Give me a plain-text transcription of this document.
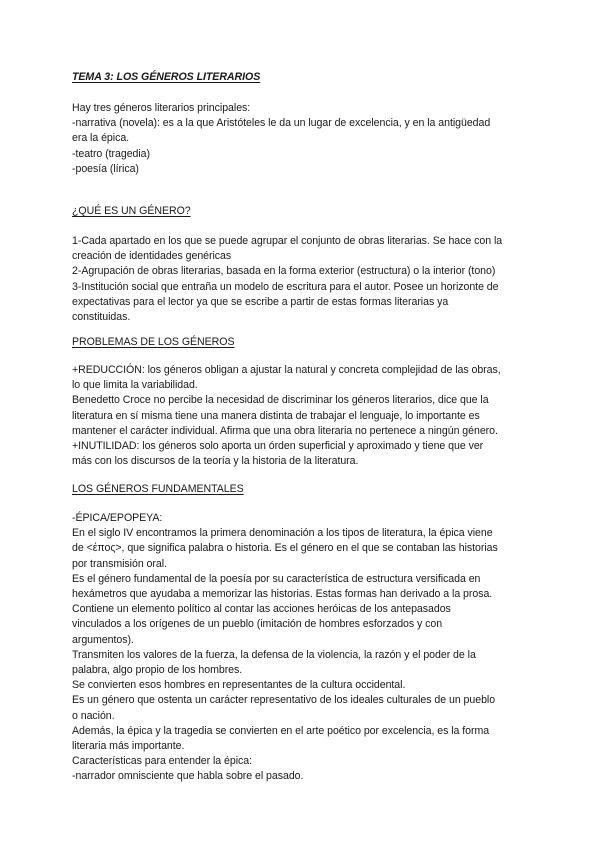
TEMA 3: LOS GÉNEROS LITERARIOS
Hay tres géneros literarios principales:
-narrativa (novela): es a la que Aristóteles le da un lugar de excelencia, y en la antigüedad
era la épica.
-teatro (tragedia)
-poesía (lírica)
¿QUÉ ES UN GÉNERO?
1-Cada apartado en los que se puede agrupar el conjunto de obras literarias. Se hace con la
creación de identidades genéricas
2-Agrupación de obras literarias, basada en la forma exterior (estructura) o la interior (tono)
3-Institución social que entraña un modelo de escritura para el autor. Posee un horizonte de
expectativas para el lector ya que se escribe a partir de estas formas literarias ya
constituidas.
PROBLEMAS DE LOS GÉNEROS
+REDUCCIÓN: los géneros obligan a ajustar la natural y concreta complejidad de las obras,
lo que limita la variabilidad.
Benedetto Croce no percibe la necesidad de discriminar los géneros literarios, dice que la
literatura en sí misma tiene una manera distinta de trabajar el lenguaje, lo importante es
mantener el carácter individual. Afirma que una obra literaria no pertenece a ningún género.
+INUTILIDAD: los géneros solo aporta un órden superficial y aproximado y tiene que ver
más con los discursos de la teoría y la historia de la literatura.
LOS GÉNEROS FUNDAMENTALES
-ÉPICA/EPOPEYA:
En el siglo IV encontramos la primera denominación a los tipos de literatura, la épica viene
de <έπος>, que significa palabra o historia. Es el género en el que se contaban las historias
por transmisión oral.
Es el género fundamental de la poesía por su característica de estructura versificada en
hexámetros que ayudaba a memorizar las historias. Estas formas han derivado a la prosa.
Contiene un elemento político al contar las acciones heróicas de los antepasados
vinculados a los orígenes de un pueblo (imitación de hombres esforzados y con
argumentos).
Transmiten los valores de la fuerza, la defensa de la violencia, la razón y el poder de la
palabra, algo propio de los hombres.
Se convierten esos hombres en representantes de la cultura occidental.
Es un género que ostenta un carácter representativo de los ideales culturales de un pueblo
o nación.
Además, la épica y la tragedia se convierten en el arte poético por excelencia, es la forma
literaria más importante.
Características para entender la épica:
-narrador omnisciente que habla sobre el pasado.
